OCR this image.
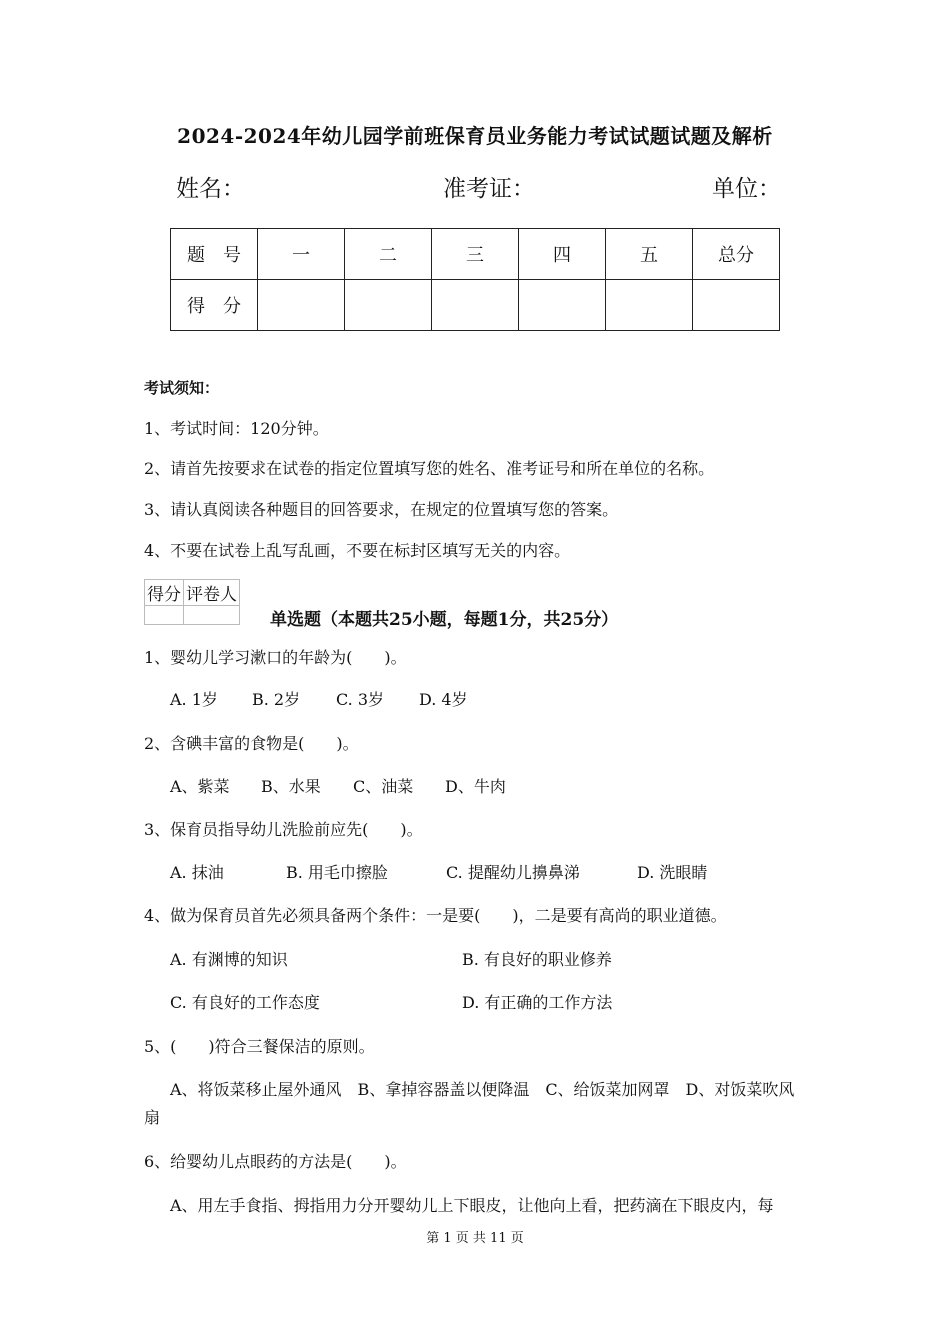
2024-2024年幼儿园学前班保育员业务能力考试试题试题及解析
姓名：	准考证：	单位：
题　号	一	二	三	四	五	总分
得　分						
考试须知：
1、考试时间：120分钟。
2、请首先按要求在试卷的指定位置填写您的姓名、准考证号和所在单位的名称。
3、请认真阅读各种题目的回答要求，在规定的位置填写您的答案。
4、不要在试卷上乱写乱画，不要在标封区填写无关的内容。
得分	评卷人

单选题（本题共25小题，每题1分，共25分）
1、婴幼儿学习漱口的年龄为(　　)。
A. 1岁 B. 2岁 C. 3岁 D. 4岁
2、含碘丰富的食物是(　　)。
A、紫菜 B、水果 C、油菜 D、牛肉
3、保育员指导幼儿洗脸前应先(　　)。
A. 抹油	B. 用毛巾擦脸	C. 提醒幼儿擤鼻涕	D. 洗眼睛
4、做为保育员首先必须具备两个条件：一是要(　　)，二是要有高尚的职业道德。
A. 有渊博的知识	B. 有良好的职业修养
C. 有良好的工作态度	D. 有正确的工作方法
5、(　　)符合三餐保洁的原则。
A、将饭菜移止屋外通风　B、拿掉容器盖以便降温　C、给饭菜加网罩　D、对饭菜吹风
扇
6、给婴幼儿点眼药的方法是(　　)。
A、用左手食指、拇指用力分开婴幼儿上下眼皮，让他向上看，把药滴在下眼皮内，每
第 1 页 共 11 页
